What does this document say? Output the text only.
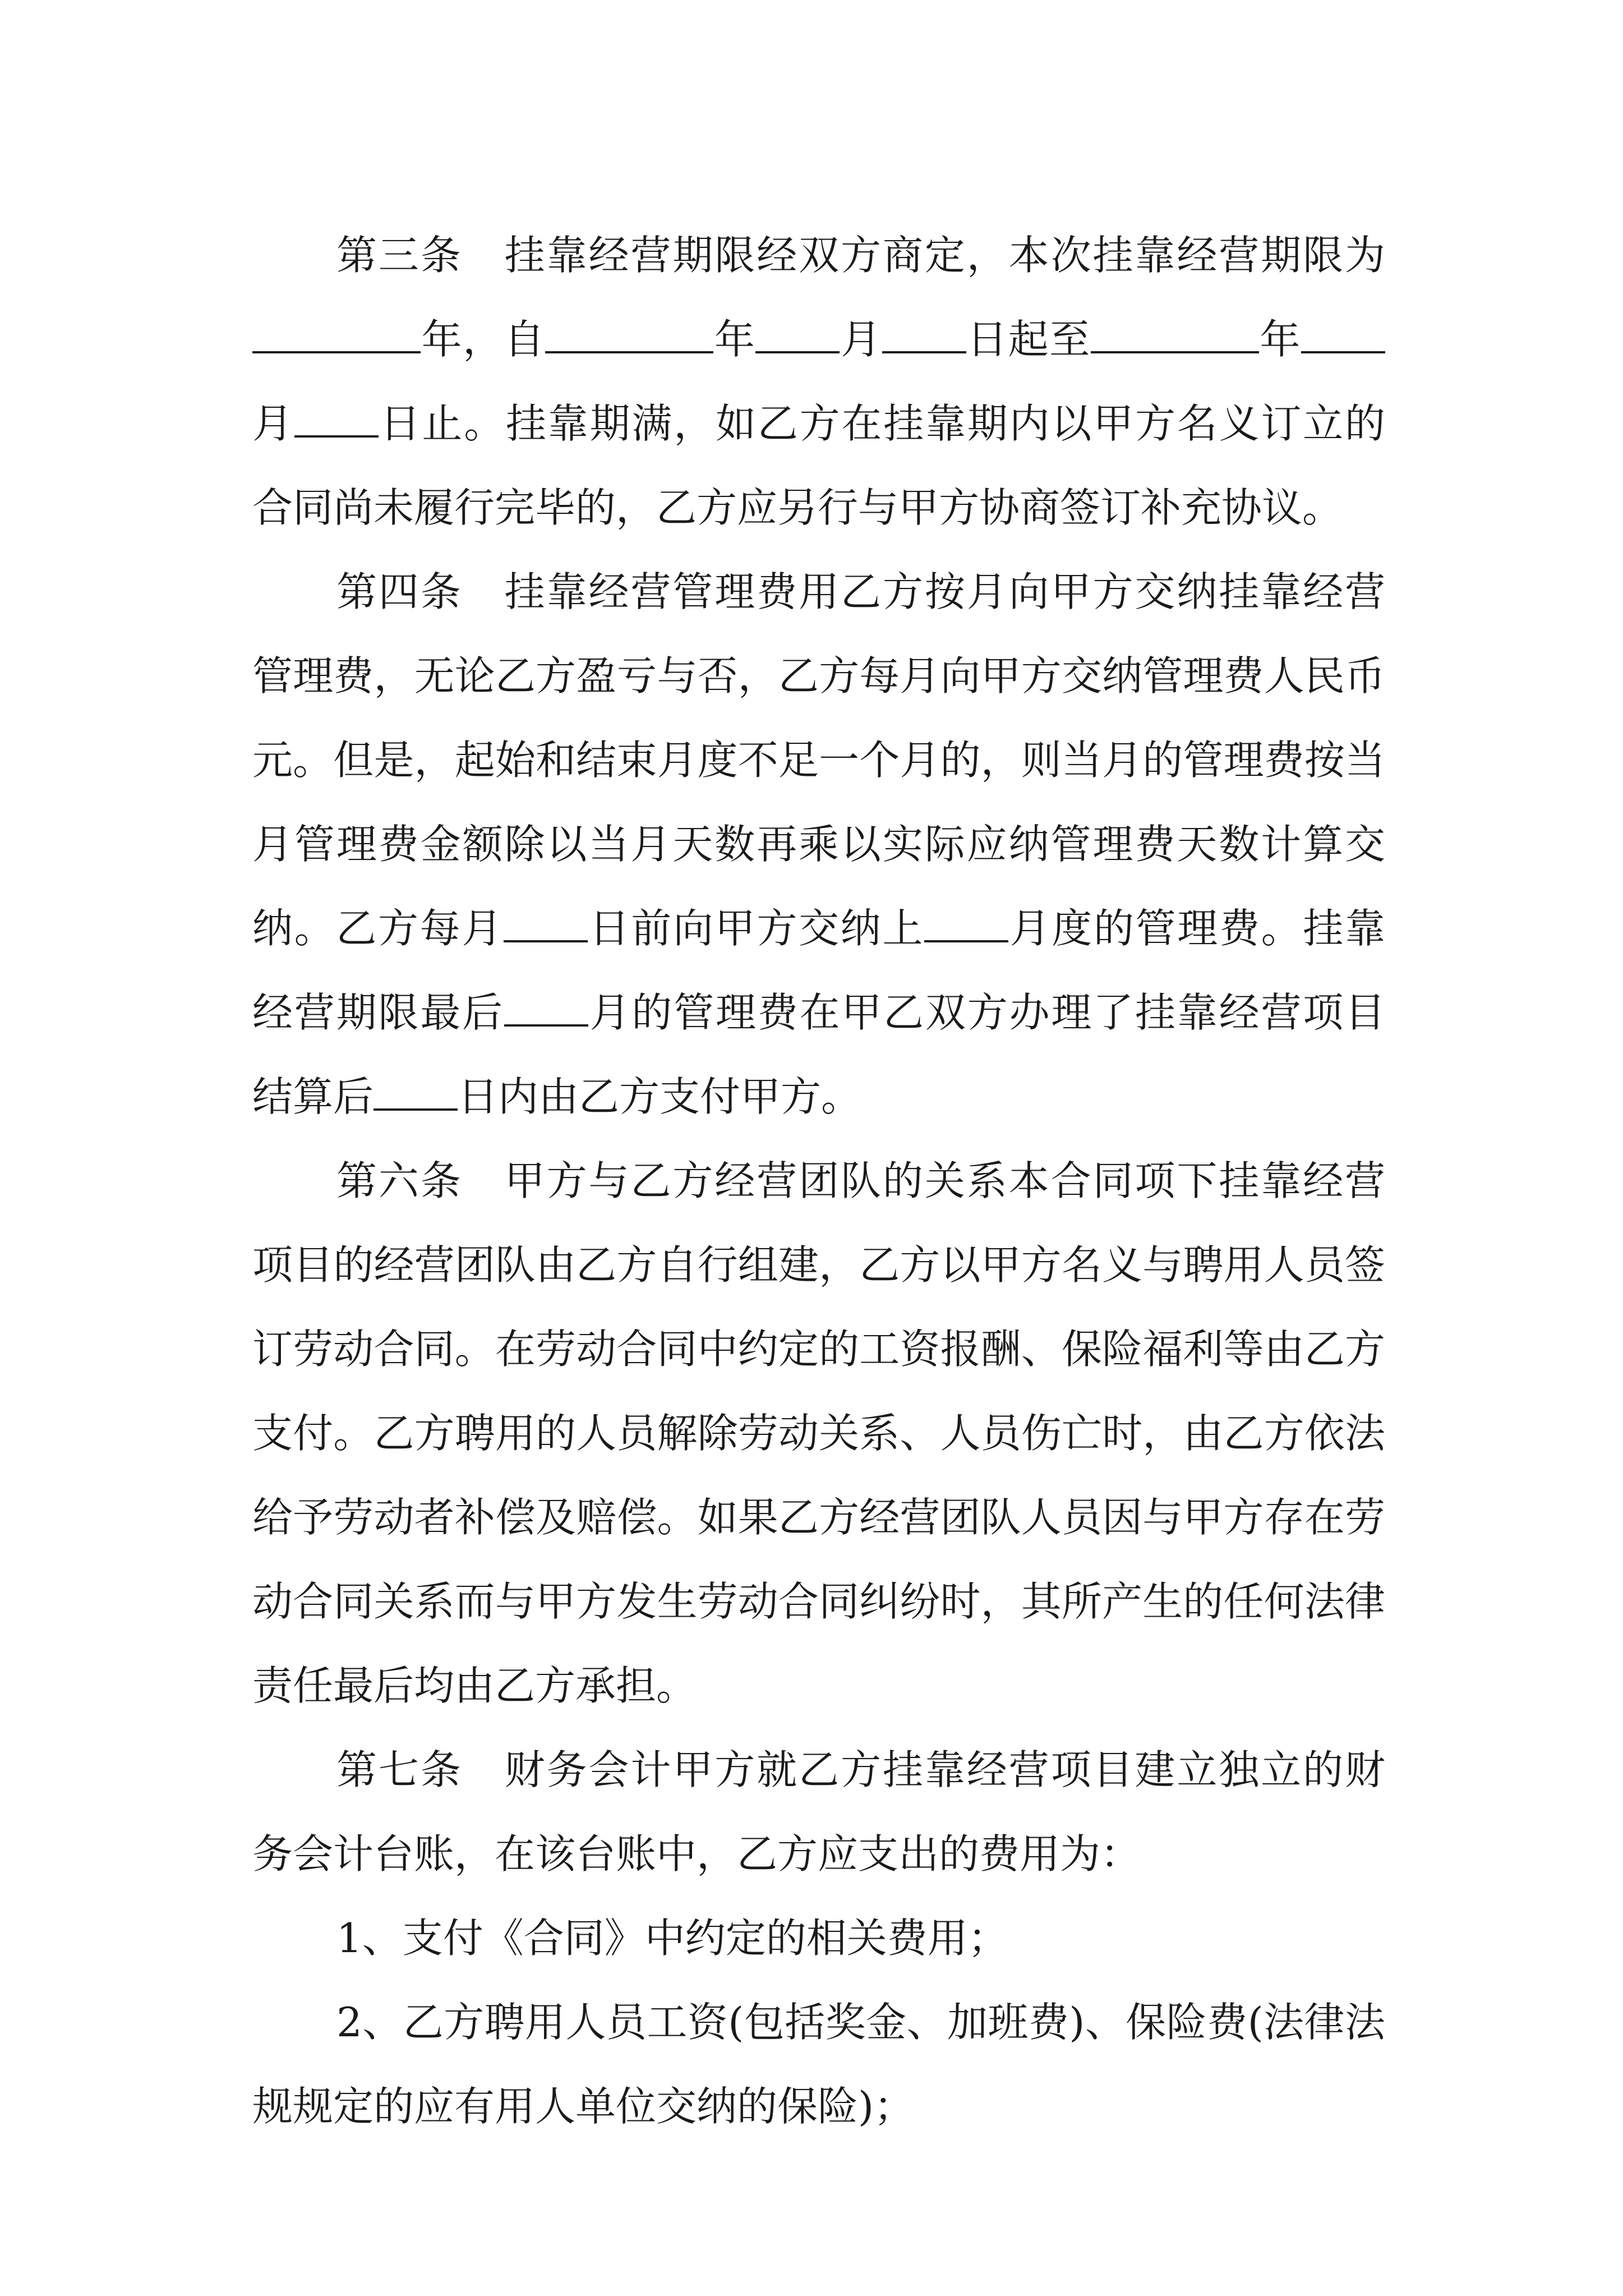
第三条　挂靠经营期限经双方商定，本次挂靠经营期限为年，自	年 月 日起至	年月 日止。挂靠期满，如乙方在挂靠期内以甲方名义订立的合同尚未履行完毕的，乙方应另行与甲方协商签订补充协议。

第四条　挂靠经营管理费用乙方按月向甲方交纳挂靠经营管理费，无论乙方盈亏与否，乙方每月向甲方交纳管理费人民币元。但是，起始和结束月度不足一个月的，则当月的管理费按当月管理费金额除以当月天数再乘以实际应纳管理费天数计算交纳。乙方每月 日前向甲方交纳上 月度的管理费。挂靠经营期限最后 月的管理费在甲乙双方办理了挂靠经营项目结算后 日内由乙方支付甲方。

第六条　甲方与乙方经营团队的关系本合同项下挂靠经营项目的经营团队由乙方自行组建，乙方以甲方名义与聘用人员签订劳动合同。在劳动合同中约定的工资报酬、保险福利等由乙方支付。乙方聘用的人员解除劳动关系、人员伤亡时，由乙方依法给予劳动者补偿及赔偿。如果乙方经营团队人员因与甲方存在劳动合同关系而与甲方发生劳动合同纠纷时，其所产生的任何法律责任最后均由乙方承担。

第七条　财务会计甲方就乙方挂靠经营项目建立独立的财务会计台账，在该台账中，乙方应支出的费用为：

1、支付《合同》中约定的相关费用；

2、乙方聘用人员工资(包括奖金、加班费)、保险费(法律法规规定的应有用人单位交纳的保险)；
